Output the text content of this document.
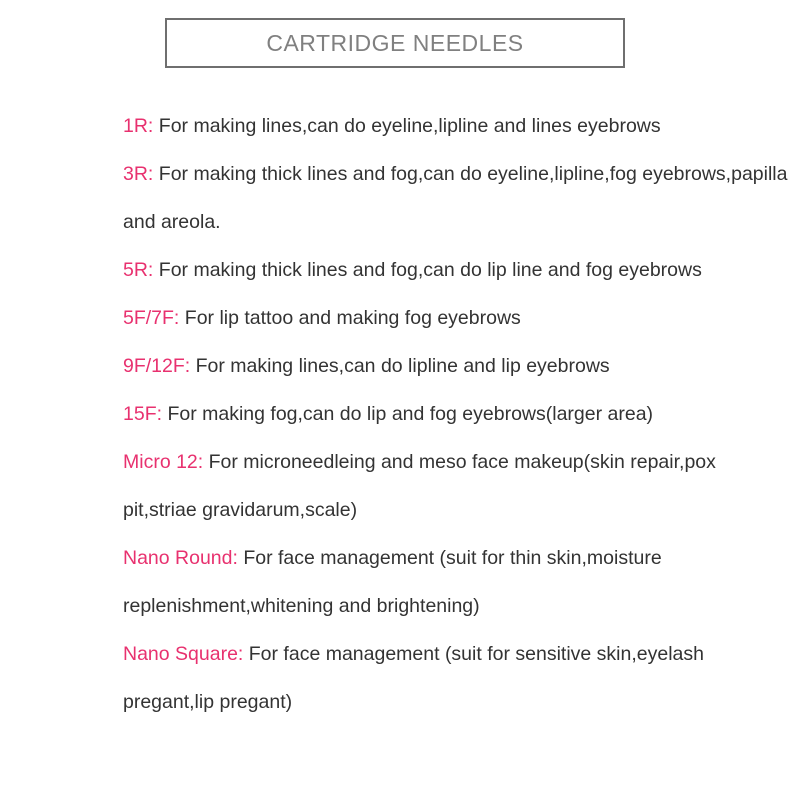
CARTRIDGE NEEDLES
1R: For making lines,can do eyeline,lipline and lines eyebrows
3R: For making thick lines and fog,can do eyeline,lipline,fog eyebrows,papilla and areola.
5R: For making thick lines and fog,can do lip line and fog eyebrows
5F/7F: For lip tattoo and making fog eyebrows
9F/12F: For making lines,can do lipline and lip eyebrows
15F: For making fog,can do lip and fog eyebrows(larger area)
Micro 12: For microneedleing and meso face makeup(skin repair,pox pit,striae gravidarum,scale)
Nano Round: For face management (suit for thin skin,moisture replenishment,whitening and brightening)
Nano Square: For face management (suit for sensitive skin,eyelash pregant,lip pregant)
